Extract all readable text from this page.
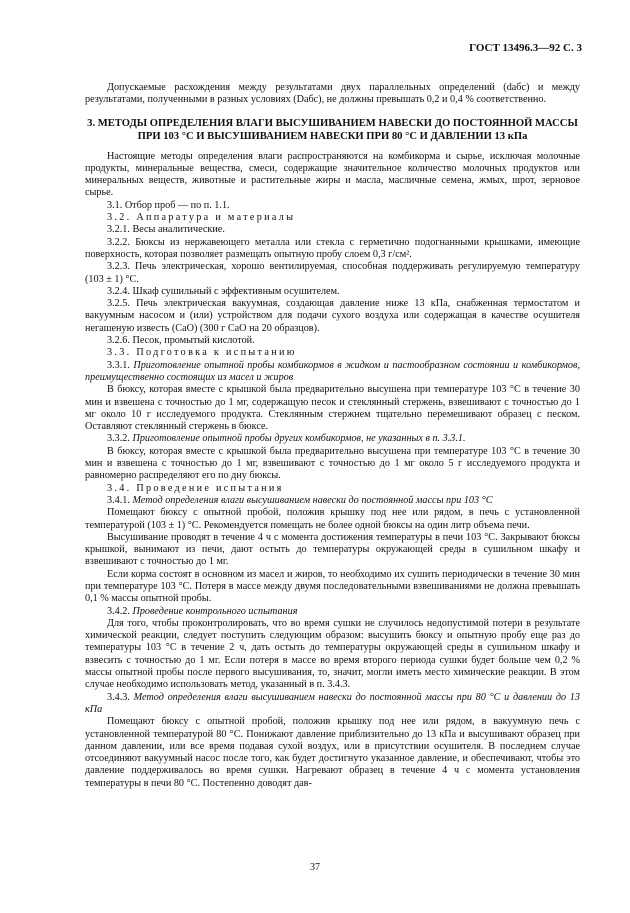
ГОСТ 13496.3—92 С. 3

Допускаемые расхождения между результатами двух параллельных определений (dабс) и между результатами, полученными в разных условиях (Dабс), не должны превышать 0,2 и 0,4 % соответственно.

3. МЕТОДЫ ОПРЕДЕЛЕНИЯ ВЛАГИ ВЫСУШИВАНИЕМ НАВЕСКИ ДО ПОСТОЯННОЙ МАССЫ ПРИ 103 °С И ВЫСУШИВАНИЕМ НАВЕСКИ ПРИ 80 °С И ДАВЛЕНИИ 13 кПа

Настоящие методы определения влаги распространяются на комбикорма и сырье, исключая молочные продукты, минеральные вещества, смеси, содержащие значительное количество молочных продуктов или минеральных веществ, животные и растительные жиры и масла, масличные семена, жмых, шрот, зерновое сырье.

3.1. Отбор проб — по п. 1.1.

3.2. Аппаратура и материалы

3.2.1. Весы аналитические.

3.2.2. Бюксы из нержавеющего металла или стекла с герметично подогнанными крышками, имеющие поверхность, которая позволяет размещать опытную пробу слоем 0,3 г/см².

3.2.3. Печь электрическая, хорошо вентилируемая, способная поддерживать регулируемую температуру (103 ± 1) °С.

3.2.4. Шкаф сушильный с эффективным осушителем.

3.2.5. Печь электрическая вакуумная, создающая давление ниже 13 кПа, снабженная термостатом и вакуумным насосом и (или) устройством для подачи сухого воздуха или содержащая в качестве осушителя негашеную известь (СаО) (300 г СаО на 20 образцов).

3.2.6. Песок, промытый кислотой.

3.3. Подготовка к испытанию

3.3.1. Приготовление опытной пробы комбикормов в жидком и пастообразном состоянии и комбикормов, преимущественно состоящих из масел и жиров

В бюксу, которая вместе с крышкой была предварительно высушена при температуре 103 °С в течение 30 мин и взвешена с точностью до 1 мг, содержащую песок и стеклянный стержень, взвешивают с точностью до 1 мг около 10 г исследуемого продукта. Стеклянным стержнем тщательно перемешивают образец с песком. Оставляют стеклянный стержень в бюксе.

3.3.2. Приготовление опытной пробы других комбикормов, не указанных в п. 3.3.1.

В бюксу, которая вместе с крышкой была предварительно высушена при температуре 103 °С в течение 30 мин и взвешена с точностью до 1 мг, взвешивают с точностью до 1 мг около 5 г исследуемого продукта и равномерно распределяют его по дну бюксы.

3.4. Проведение испытания

3.4.1. Метод определения влаги высушиванием навески до постоянной массы при 103 °С

Помещают бюксу с опытной пробой, положив крышку под нее или рядом, в печь с установленной температурой (103 ± 1) °С. Рекомендуется помещать не более одной бюксы на один литр объема печи.

Высушивание проводят в течение 4 ч с момента достижения температуры в печи 103 °С. Закрывают бюксы крышкой, вынимают из печи, дают остыть до температуры окружающей среды в сушильном шкафу и взвешивают с точностью до 1 мг.

Если корма состоят в основном из масел и жиров, то необходимо их сушить периодически в течение 30 мин при температуре 103 °С. Потеря в массе между двумя последовательными взвешиваниями не должна превышать 0,1 % массы опытной пробы.

3.4.2. Проведение контрольного испытания

Для того, чтобы проконтролировать, что во время сушки не случилось недопустимой потери в результате химической реакции, следует поступить следующим образом: высушить бюксу и опытную пробу еще раз до температуры 103 °С в течение 2 ч, дать остыть до температуры окружающей среды в сушильном шкафу и взвесить с точностью до 1 мг. Если потеря в массе во время второго периода сушки будет больше чем 0,2 % массы опытной пробы после первого высушивания, то, значит, могли иметь место химические реакции. В этом случае необходимо использовать метод, указанный в п. 3.4.3.

3.4.3. Метод определения влаги высушиванием навески до постоянной массы при 80 °С и давлении до 13 кПа

Помещают бюксу с опытной пробой, положив крышку под нее или рядом, в вакуумную печь с установленной температурой 80 °С. Понижают давление приблизительно до 13 кПа и высушивают образец при данном давлении, или все время подавая сухой воздух, или в присутствии осушителя. В последнем случае отсоединяют вакуумный насос после того, как будет достигнуто указанное давление, и обеспечивают, чтобы это давление поддерживалось во время сушки. Нагревают образец в течение 4 ч с момента установления температуры в печи 80 °С. Постепенно доводят дав-

37
